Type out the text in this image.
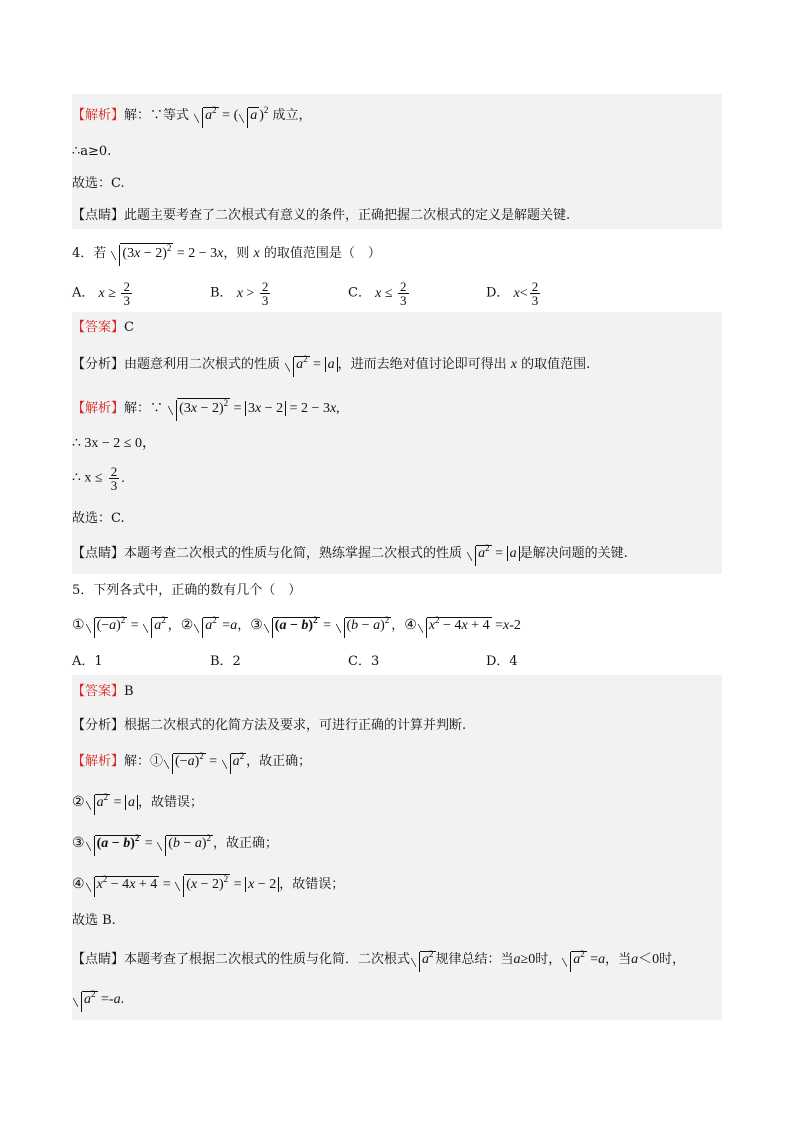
【解析】解：∵等式 $a^2$ = ( a )$^2$ 成立，
∴a≥0.
故选：C.
【点睛】此题主要考查了二次根式有意义的条件，正确把握二次根式的定义是解题关键.
4．若 $(3x - 2)^2 = 2 - 3x$，则 x 的取值范围是（　）
A． $x \ge \frac{2}{3}$	B． $x > \frac{2}{3}$	C． $x \le \frac{2}{3}$	D． $x< \frac{2}{3}$
【答案】C
【分析】由题意利用二次根式的性质 $a^2 = a$ ，进而去绝对值讨论即可得出 x 的取值范围.
【解析】解：∵ $(3x - 2)^2 = 3x - 2 = 2 - 3x$,
∴ 3x − 2 ≤ 0，
∴ $x \le \frac{2}{3}$ .
故选：C.
【点睛】本题考查二次根式的性质与化简，熟练掌握二次根式的性质 $a^2 = a$ 是解决问题的关键.
5．下列各式中，正确的数有几个（　）
① $(-a)^2 = a^2$ ，② $a^2 =a$，③ $(a - b)^2 = (b - a)^2$ ，④ $x^2 - 4x + 4 =x-2$
A．1	B．2	C．3	D．4
【答案】B
【分析】根据二次根式的化简方法及要求，可进行正确的计算并判断.
【解析】解：① $(-a)^2 = a^2$ ，故正确；
② $a^2 = a$ ，故错误；
③ $(a - b)^2 = (b - a)^2$ ，故正确；
④ $x^2 - 4x + 4 = (x - 2)^2 = x - 2$ ，故错误；
故选 B.
【点睛】本题考查了根据二次根式的性质与化简．二次根式 $a^2$ 规律总结：当a≥0时， $a^2 =a$，当a＜0时，
$a^2 =-a$.
